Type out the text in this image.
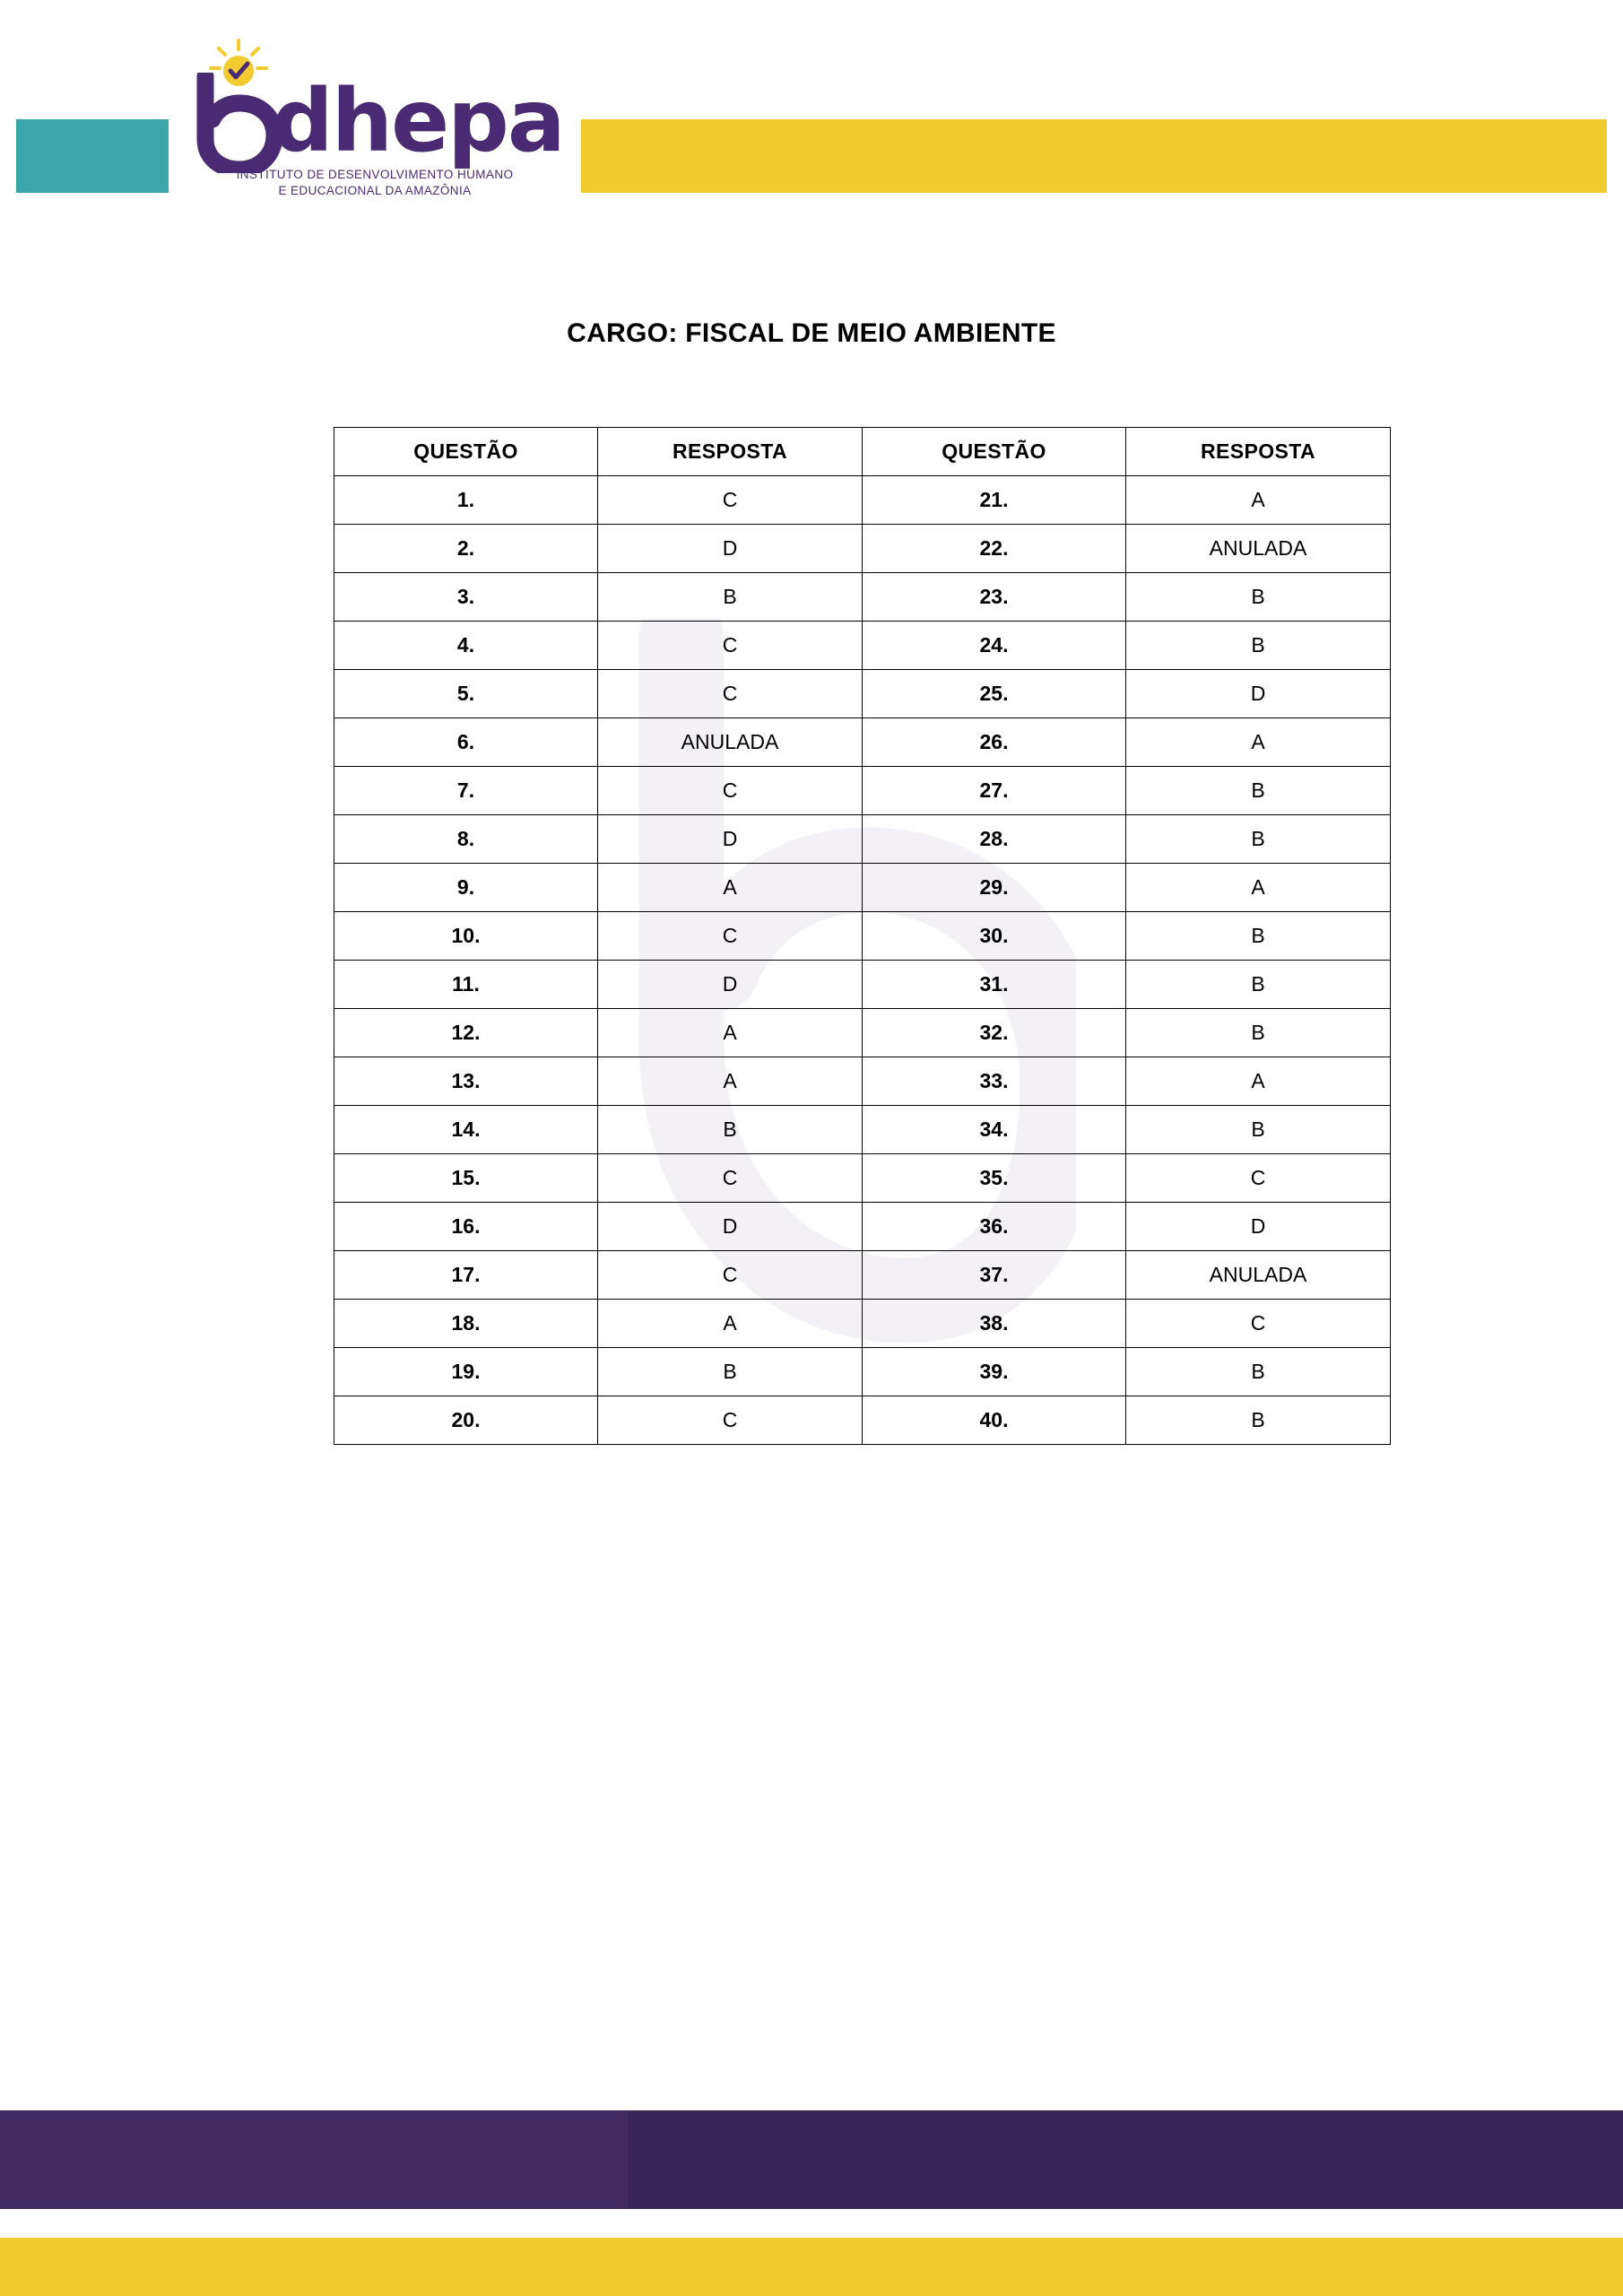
dhepa
INSTITUTO DE DESENVOLVIMENTO HUMANO
E EDUCACIONAL DA AMAZÔNIA
CARGO: FISCAL DE MEIO AMBIENTE
QUESTÃO	RESPOSTA	QUESTÃO	RESPOSTA
1.	C	21.	A
2.	D	22.	ANULADA
3.	B	23.	B
4.	C	24.	B
5.	C	25.	D
6.	ANULADA	26.	A
7.	C	27.	B
8.	D	28.	B
9.	A	29.	A
10.	C	30.	B
11.	D	31.	B
12.	A	32.	B
13.	A	33.	A
14.	B	34.	B
15.	C	35.	C
16.	D	36.	D
17.	C	37.	ANULADA
18.	A	38.	C
19.	B	39.	B
20.	C	40.	B
